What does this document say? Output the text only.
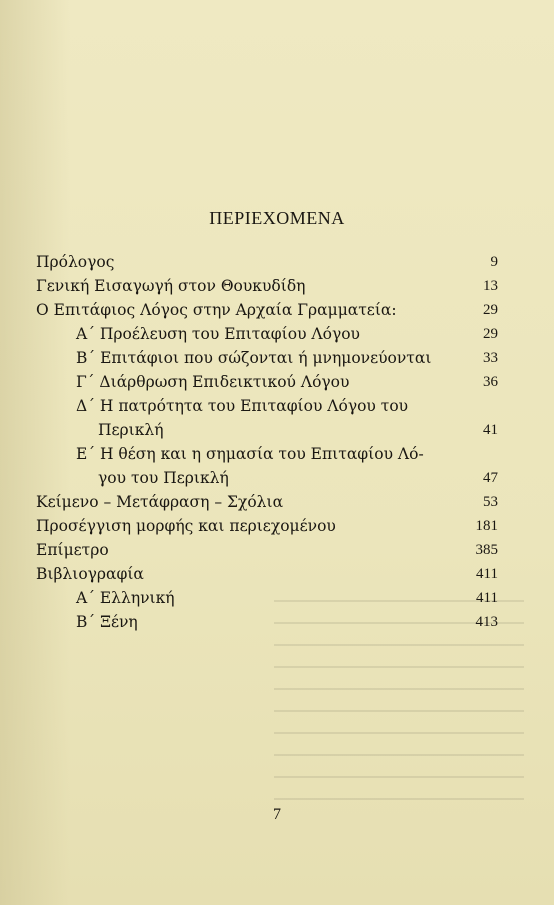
ΠΕΡΙΕΧΟΜΕΝΑ
Πρόλογος	9
Γενική Εισαγωγή στον Θουκυδίδη	13
Ο Επιτάφιος Λόγος στην Αρχαία Γραμματεία:	29
Α΄ Προέλευση του Επιταφίου Λόγου	29
Β΄ Επιτάφιοι που σώζονται ή μνημονεύονται	33
Γ΄ Διάρθρωση Επιδεικτικού Λόγου	36
Δ΄ Η πατρότητα του Επιταφίου Λόγου του
Περικλή	41
Ε΄ Η θέση και η σημασία του Επιταφίου Λό-
γου του Περικλή	47
Κείμενο – Μετάφραση – Σχόλια	53
Προσέγγιση μορφής και περιεχομένου	181
Επίμετρο	385
Βιβλιογραφία	411
Α΄ Ελληνική	411
Β΄ Ξένη	413
7
